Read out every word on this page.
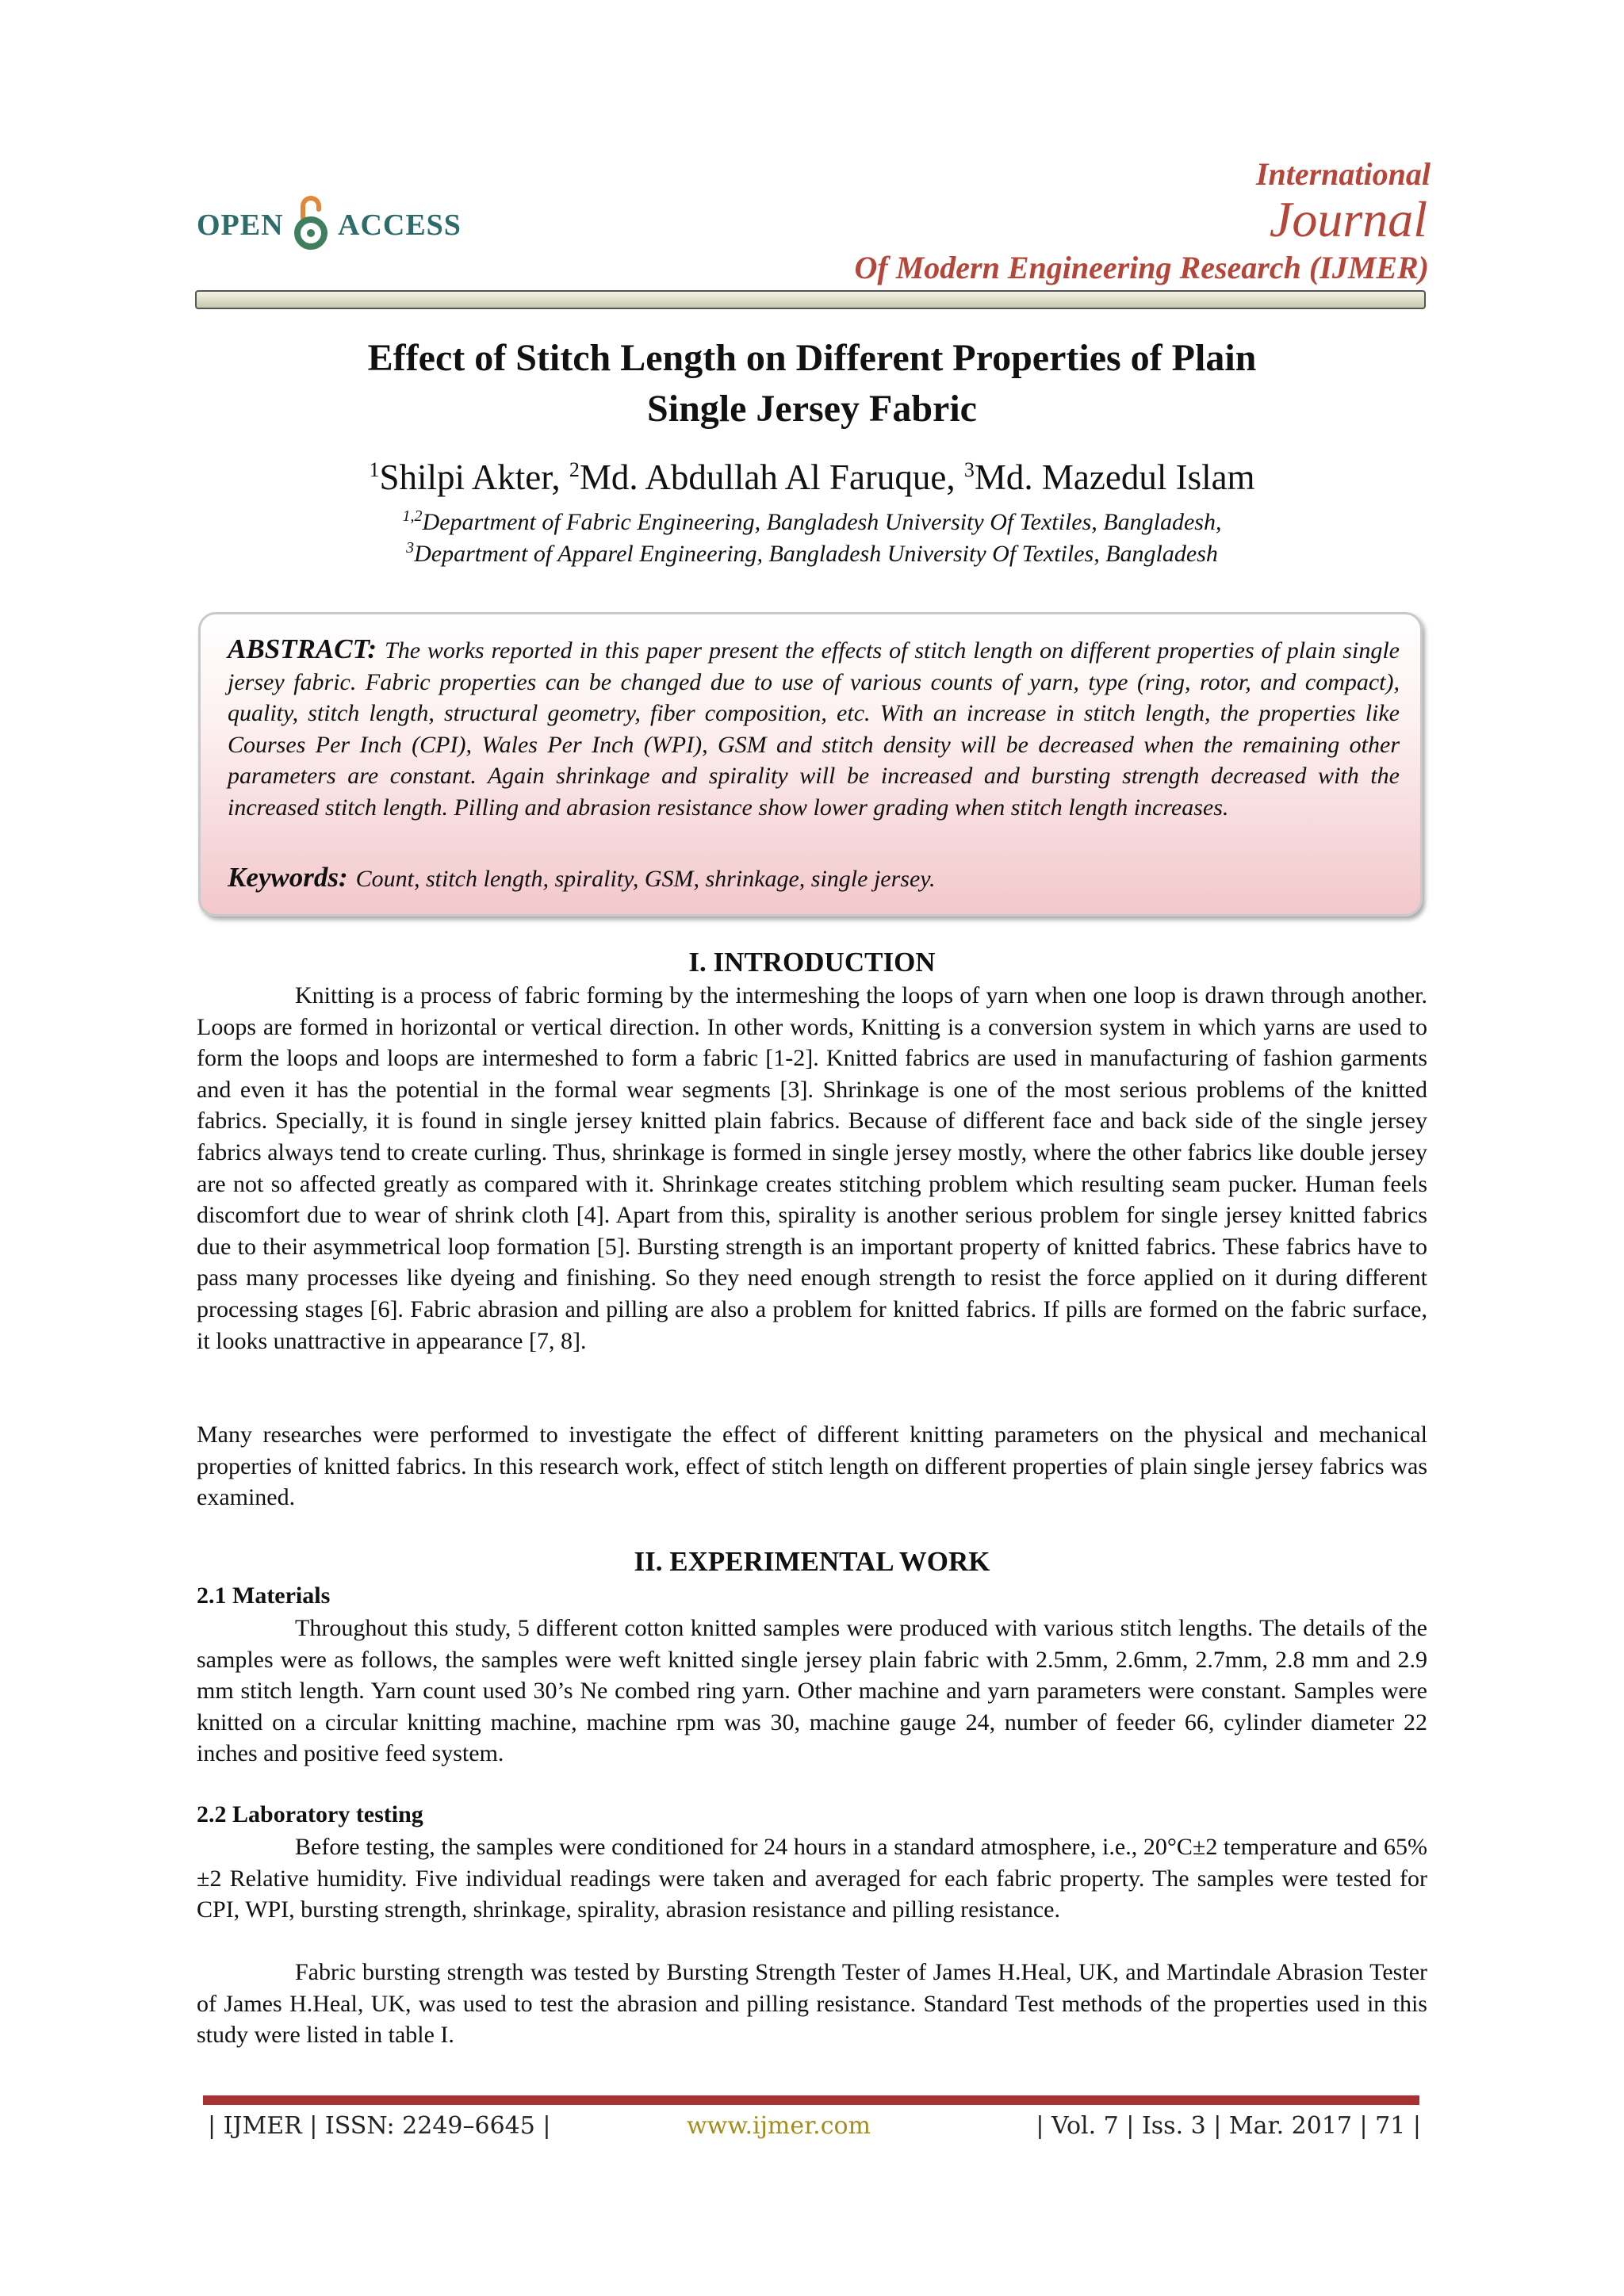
OPEN ACCESS
International
Journal
Of Modern Engineering Research (IJMER)
Effect of Stitch Length on Different Properties of Plain
Single Jersey Fabric
$^1$Shilpi Akter, $^2$Md. Abdullah Al Faruque, $^3$Md. Mazedul Islam
$^{1,2}$Department of Fabric Engineering, Bangladesh University Of Textiles, Bangladesh,
$^3$Department of Apparel Engineering, Bangladesh University Of Textiles, Bangladesh
ABSTRACT: The works reported in this paper present the effects of stitch length on different properties of plain single jersey fabric. Fabric properties can be changed due to use of various counts of yarn, type (ring, rotor, and compact), quality, stitch length, structural geometry, fiber composition, etc. With an increase in stitch length, the properties like Courses Per Inch (CPI), Wales Per Inch (WPI), GSM and stitch density will be decreased when the remaining other parameters are constant. Again shrinkage and spirality will be increased and bursting strength decreased with the increased stitch length. Pilling and abrasion resistance show lower grading when stitch length increases.
Keywords: Count, stitch length, spirality, GSM, shrinkage, single jersey.
I. INTRODUCTION
Knitting is a process of fabric forming by the intermeshing the loops of yarn when one loop is drawn through another. Loops are formed in horizontal or vertical direction. In other words, Knitting is a conversion system in which yarns are used to form the loops and loops are intermeshed to form a fabric [1-2]. Knitted fabrics are used in manufacturing of fashion garments and even it has the potential in the formal wear segments [3]. Shrinkage is one of the most serious problems of the knitted fabrics. Specially, it is found in single jersey knitted plain fabrics. Because of different face and back side of the single jersey fabrics always tend to create curling. Thus, shrinkage is formed in single jersey mostly, where the other fabrics like double jersey are not so affected greatly as compared with it. Shrinkage creates stitching problem which resulting seam pucker. Human feels discomfort due to wear of shrink cloth [4]. Apart from this, spirality is another serious problem for single jersey knitted fabrics due to their asymmetrical loop formation [5]. Bursting strength is an important property of knitted fabrics. These fabrics have to pass many processes like dyeing and finishing. So they need enough strength to resist the force applied on it during different processing stages [6]. Fabric abrasion and pilling are also a problem for knitted fabrics. If pills are formed on the fabric surface, it looks unattractive in appearance [7, 8].
Many researches were performed to investigate the effect of different knitting parameters on the physical and mechanical properties of knitted fabrics. In this research work, effect of stitch length on different properties of plain single jersey fabrics was examined.
II. EXPERIMENTAL WORK
2.1 Materials
Throughout this study, 5 different cotton knitted samples were produced with various stitch lengths. The details of the samples were as follows, the samples were weft knitted single jersey plain fabric with 2.5mm, 2.6mm, 2.7mm, 2.8 mm and 2.9 mm stitch length. Yarn count used 30’s Ne combed ring yarn. Other machine and yarn parameters were constant. Samples were knitted on a circular knitting machine, machine rpm was 30, machine gauge 24, number of feeder 66, cylinder diameter 22 inches and positive feed system.
2.2 Laboratory testing
Before testing, the samples were conditioned for 24 hours in a standard atmosphere, i.e., 20°C±2 temperature and 65%±2 Relative humidity. Five individual readings were taken and averaged for each fabric property. The samples were tested for CPI, WPI, bursting strength, shrinkage, spirality, abrasion resistance and pilling resistance.
Fabric bursting strength was tested by Bursting Strength Tester of James H.Heal, UK, and Martindale Abrasion Tester of James H.Heal, UK, was used to test the abrasion and pilling resistance. Standard Test methods of the properties used in this study were listed in table I.
| IJMER | ISSN: 2249–6645 |	www.ijmer.com	| Vol. 7 | Iss. 3 | Mar. 2017 | 71 |
